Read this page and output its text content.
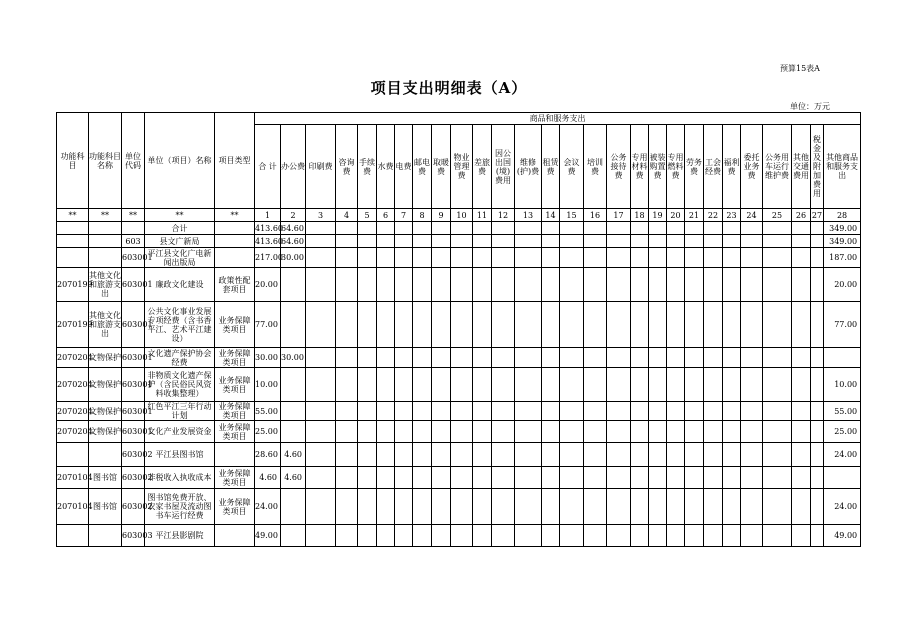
预算15表A
项目支出明细表（A）
单位：万元
功能科目	功能科目名称	单位代码	单位（项目）名称	项目类型	商品和服务支出																											
					合 计	办公费	印刷费	咨询费	手续费	水费	电费	邮电费	取暖费	物业管理费	差旅费	因公出国(境)费用	维修(护)费	租赁费	会议费	培训费	公务接待费	专用材料费	被装购置费	专用燃料费	劳务费	工会经费	福利费	委托业务费	公务用车运行维护费	其他交通费用	税金及附加费用	其他商品和服务支出
**	**	**	**	**	1	2	3	4	5	6	7	8	9	10	11	12	13	14	15	16	17	18	19	20	21	22	23	24	25	26	27	28
			合计		413.60	64.60																										349.00
		603	县文广新局		413.60	64.60																										349.00
		603001	平江县文化广电新闻出版局		217.00	30.00																										187.00
2070199	其他文化和旅游支出	603001	廉政文化建设	政策性配套项目	20.00																											20.00
2070199	其他文化和旅游支出	603001	公共文化事业发展专项经费（含书香平江、艺术平江建设）	业务保障类项目	77.00																											77.00
2070204	文物保护	603001	文化遗产保护协会经费	业务保障类项目	30.00	30.00																										
2070204	文物保护	603001	非物质文化遗产保护（含民俗民风资料收集整理）	业务保障类项目	10.00																											10.00
2070204	文物保护	603001	红色平江三年行动计划	业务保障类项目	55.00																											55.00
2070204	文物保护	603001	文化产业发展资金	业务保障类项目	25.00																											25.00
		603002	平江县图书馆		28.60	4.60																										24.00
2070104	图书馆	603002	非税收入执收成本	业务保障类项目	4.60	4.60																										
2070104	图书馆	603002	图书馆免费开放、农家书屋及流动图书车运行经费	业务保障类项目	24.00																											24.00
		603003	平江县影剧院		49.00																											49.00
